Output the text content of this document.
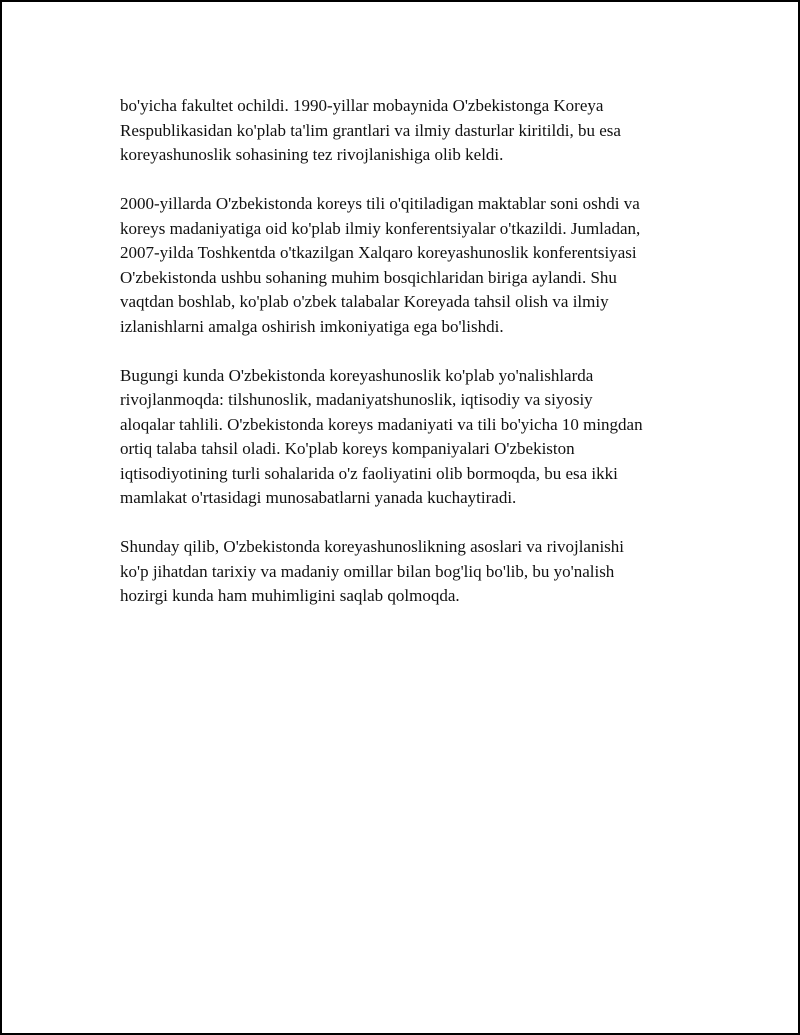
bo'yicha fakultet ochildi. 1990-yillar mobaynida O'zbekistonga Koreya
Respublikasidan ko'plab ta'lim grantlari va ilmiy dasturlar kiritildi, bu esa
koreyashunoslik sohasining tez rivojlanishiga olib keldi.

2000-yillarda O'zbekistonda koreys tili o'qitiladigan maktablar soni oshdi va
koreys madaniyatiga oid ko'plab ilmiy konferentsiyalar o'tkazildi. Jumladan,
2007-yilda Toshkentda o'tkazilgan Xalqaro koreyashunoslik konferentsiyasi
O'zbekistonda ushbu sohaning muhim bosqichlaridan biriga aylandi. Shu
vaqtdan boshlab, ko'plab o'zbek talabalar Koreyada tahsil olish va ilmiy
izlanishlarni amalga oshirish imkoniyatiga ega bo'lishdi.

Bugungi kunda O'zbekistonda koreyashunoslik ko'plab yo'nalishlarda
rivojlanmoqda: tilshunoslik, madaniyatshunoslik, iqtisodiy va siyosiy
aloqalar tahlili. O'zbekistonda koreys madaniyati va tili bo'yicha 10 mingdan
ortiq talaba tahsil oladi. Ko'plab koreys kompaniyalari O'zbekiston
iqtisodiyotining turli sohalarida o'z faoliyatini olib bormoqda, bu esa ikki
mamlakat o'rtasidagi munosabatlarni yanada kuchaytiradi.

Shunday qilib, O'zbekistonda koreyashunoslikning asoslari va rivojlanishi
ko'p jihatdan tarixiy va madaniy omillar bilan bog'liq bo'lib, bu yo'nalish
hozirgi kunda ham muhimligini saqlab qolmoqda.
